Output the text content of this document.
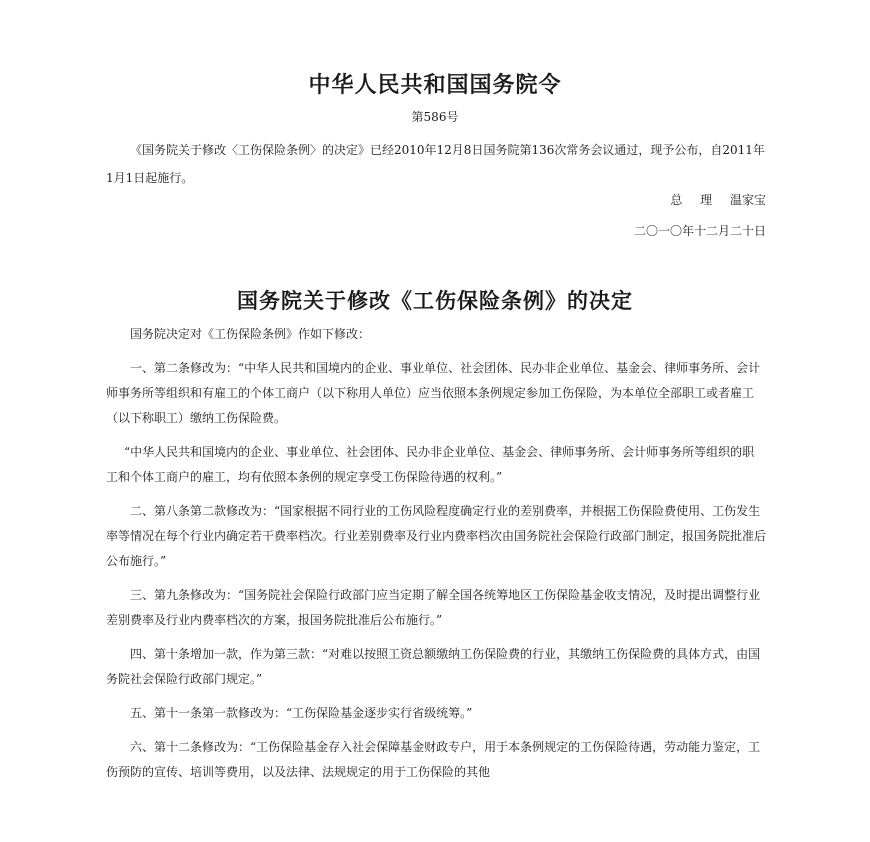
中华人民共和国国务院令
第586号
《国务院关于修改〈工伤保险条例〉的决定》已经2010年12月8日国务院第136次常务会议通过，现予公布，自2011年1月1日起施行。
总 理 温家宝
二〇一〇年十二月二十日
国务院关于修改《工伤保险条例》的决定

国务院决定对《工伤保险条例》作如下修改：

一、第二条修改为：“中华人民共和国境内的企业、事业单位、社会团体、民办非企业单位、基金会、律师事务所、会计师事务所等组织和有雇工的个体工商户（以下称用人单位）应当依照本条例规定参加工伤保险，为本单位全部职工或者雇工（以下称职工）缴纳工伤保险费。

“中华人民共和国境内的企业、事业单位、社会团体、民办非企业单位、基金会、律师事务所、会计师事务所等组织的职工和个体工商户的雇工，均有依照本条例的规定享受工伤保险待遇的权利。”

二、第八条第二款修改为：“国家根据不同行业的工伤风险程度确定行业的差别费率，并根据工伤保险费使用、工伤发生率等情况在每个行业内确定若干费率档次。行业差别费率及行业内费率档次由国务院社会保险行政部门制定，报国务院批准后公布施行。”

三、第九条修改为：“国务院社会保险行政部门应当定期了解全国各统筹地区工伤保险基金收支情况，及时提出调整行业差别费率及行业内费率档次的方案，报国务院批准后公布施行。”

四、第十条增加一款，作为第三款：“对难以按照工资总额缴纳工伤保险费的行业，其缴纳工伤保险费的具体方式，由国务院社会保险行政部门规定。”

五、第十一条第一款修改为：“工伤保险基金逐步实行省级统筹。”

六、第十二条修改为：“工伤保险基金存入社会保障基金财政专户，用于本条例规定的工伤保险待遇，劳动能力鉴定，工伤预防的宣传、培训等费用，以及法律、法规规定的用于工伤保险的其他
